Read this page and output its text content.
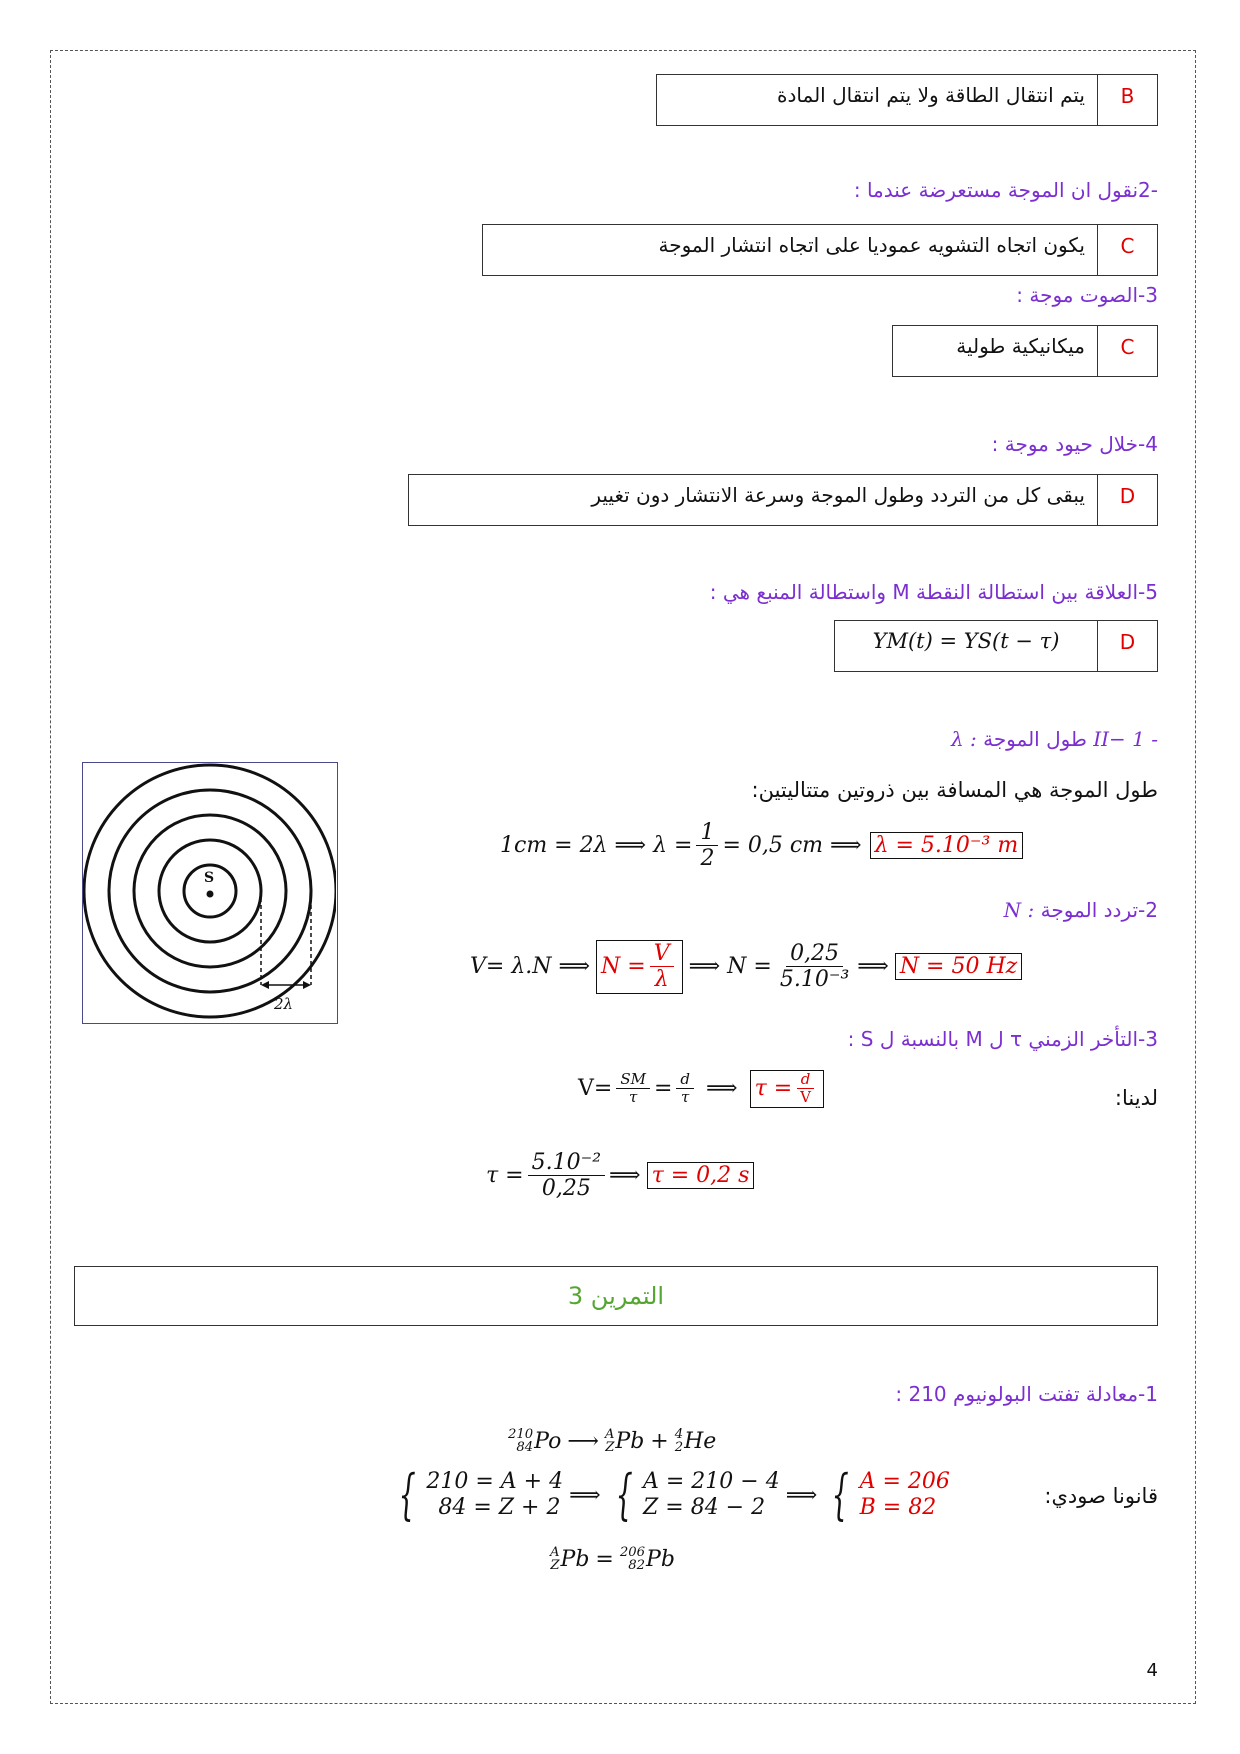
B
يتم انتقال الطاقة ولا يتم انتقال المادة
-2نقول ان الموجة مستعرضة عندما :
C
يكون اتجاه التشويه عموديا على اتجاه انتشار الموجة
3-الصوت موجة :
C
ميكانيكية طولية
4-خلال حيود موجة :
D
يبقى كل من التردد وطول الموجة وسرعة الانتشار دون تغيير
5-العلاقة بين استطالة النقطة M واستطالة المنبع هي :
D
YM(t) = YS(t − τ)
II− 1 - طول الموجة λ :
طول الموجة هي المسافة بين ذروتين متتاليتين:
1cm = 2λ ⟹ $\lambda = \frac{1}{2} = 0,5$ cm ⟹ λ = 5.10⁻³ m
2-تردد الموجة N :
V= λ.N ⟹ $N = \frac{V}{\lambda}$ ⟹ $N = \frac{0,25}{\text{5.10⁻³}}$ ⟹ N = 50 Hz
3-التأخر الزمني τ ل M بالنسبة ل S :
لدينا:
$V= \frac{SM}{\tau} = \frac{d}{\tau}$ ⟹ $\tau = \frac{d}{V}$
$\tau = \frac{\text{5.10⁻²}}{0,25}$ ⟹ τ = 0,2 s
S
2λ
التمرين 3
1-معادلة تفتت البولونيوم 210 :
210
84 Po ⟶ A
Z Pb + 4
2 He
قانونا صودي:
{ 210 = A + 4
84 = Z + 2 ⟹ { A = 210 − 4
Z = 84 − 2 ⟹ { A = 206
B = 82
A
Z Pb = 206
82 Pb
4
